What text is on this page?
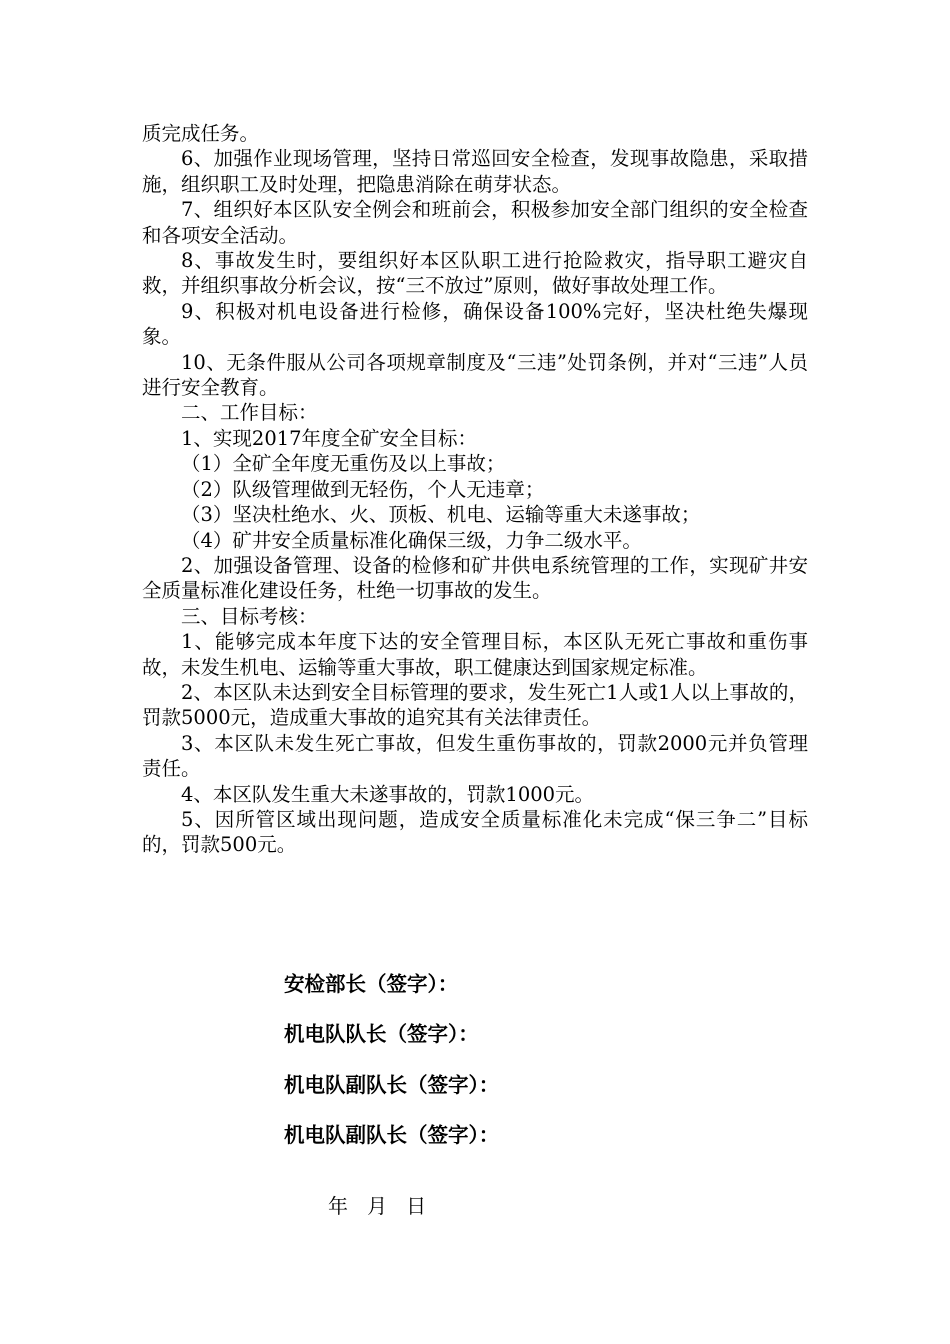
质完成任务。

6、加强作业现场管理，坚持日常巡回安全检查，发现事故隐患，采取措施，组织职工及时处理，把隐患消除在萌芽状态。

7、组织好本区队安全例会和班前会，积极参加安全部门组织的安全检查和各项安全活动。

8、事故发生时，要组织好本区队职工进行抢险救灾，指导职工避灾自救，并组织事故分析会议，按“三不放过”原则，做好事故处理工作。

9、积极对机电设备进行检修，确保设备100%完好，坚决杜绝失爆现象。

10、无条件服从公司各项规章制度及“三违”处罚条例，并对“三违”人员进行安全教育。

二、工作目标：

1、实现2017年度全矿安全目标：

（1）全矿全年度无重伤及以上事故；

（2）队级管理做到无轻伤，个人无违章；

（3）坚决杜绝水、火、顶板、机电、运输等重大未遂事故；

（4）矿井安全质量标准化确保三级，力争二级水平。

2、加强设备管理、设备的检修和矿井供电系统管理的工作，实现矿井安全质量标准化建设任务，杜绝一切事故的发生。

三、目标考核：

1、能够完成本年度下达的安全管理目标，本区队无死亡事故和重伤事故，未发生机电、运输等重大事故，职工健康达到国家规定标准。

2、本区队未达到安全目标管理的要求，发生死亡1人或1人以上事故的，罚款5000元，造成重大事故的追究其有关法律责任。

3、本区队未发生死亡事故，但发生重伤事故的，罚款2000元并负管理责任。

4、本区队发生重大未遂事故的，罚款1000元。

5、因所管区域出现问题，造成安全质量标准化未完成“保三争二”目标的，罚款500元。

安检部长（签字）：
机电队队长（签字）：
机电队副队长（签字）：
机电队副队长（签字）：
年   月   日
